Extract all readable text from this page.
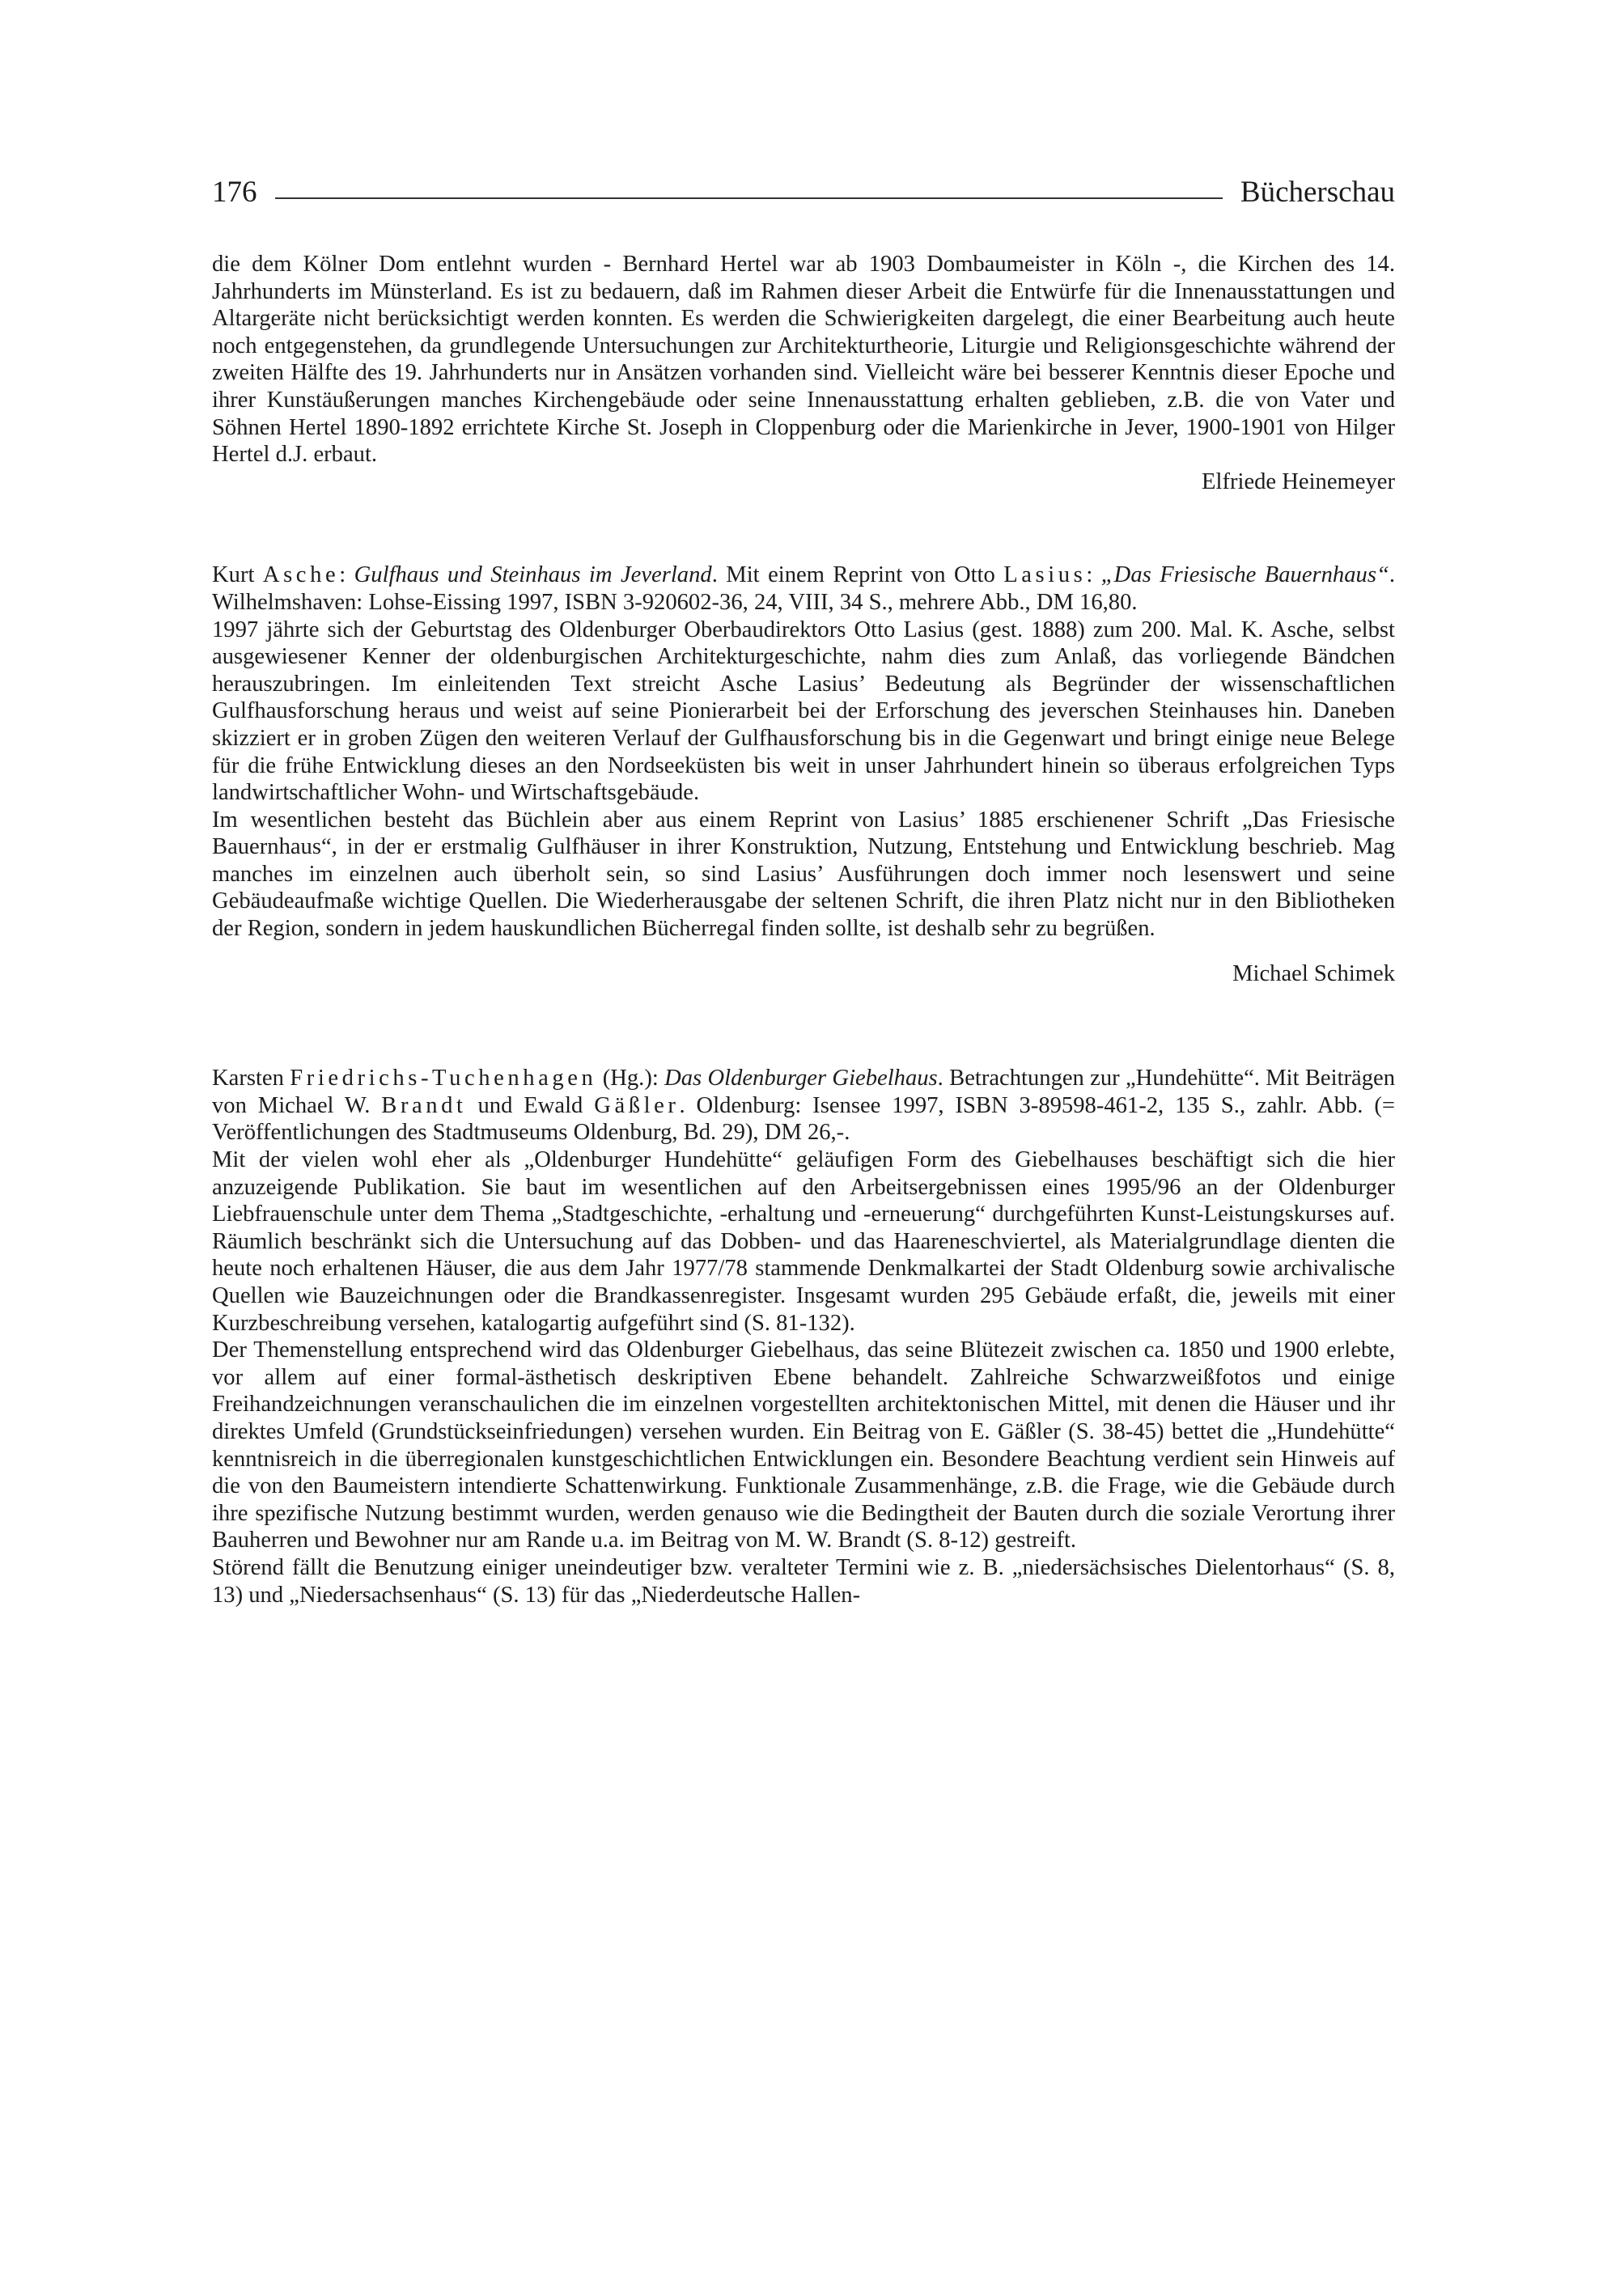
176	Bücherschau

die dem Kölner Dom entlehnt wurden - Bernhard Hertel war ab 1903 Dombaumeister in Köln -, die Kirchen des 14. Jahrhunderts im Münsterland. Es ist zu bedauern, daß im Rahmen dieser Arbeit die Entwürfe für die Innenausstattungen und Altargeräte nicht berücksichtigt werden konnten. Es werden die Schwierigkeiten dargelegt, die einer Bearbeitung auch heute noch entgegenstehen, da grundlegende Untersuchungen zur Architekturtheorie, Liturgie und Religionsgeschichte während der zweiten Hälfte des 19. Jahrhunderts nur in Ansätzen vorhanden sind. Vielleicht wäre bei besserer Kenntnis dieser Epoche und ihrer Kunstäußerungen manches Kirchengebäude oder seine Innenausstattung erhalten geblieben, z.B. die von Vater und Söhnen Hertel 1890-1892 errichtete Kirche St. Joseph in Cloppenburg oder die Marienkirche in Jever, 1900-1901 von Hilger Hertel d.J. erbaut.

Elfriede Heinemeyer

Kurt Asche: Gulfhaus und Steinhaus im Jeverland. Mit einem Reprint von Otto Lasius: „Das Friesische Bauernhaus“. Wilhelmshaven: Lohse-Eissing 1997, ISBN 3-920602-36, 24, VIII, 34 S., mehrere Abb., DM 16,80.

1997 jährte sich der Geburtstag des Oldenburger Oberbaudirektors Otto Lasius (gest. 1888) zum 200. Mal. K. Asche, selbst ausgewiesener Kenner der oldenburgischen Architekturgeschichte, nahm dies zum Anlaß, das vorliegende Bändchen herauszubringen. Im einleitenden Text streicht Asche Lasius’ Bedeutung als Begründer der wissenschaftlichen Gulfhausforschung heraus und weist auf seine Pionierarbeit bei der Erforschung des jeverschen Steinhauses hin. Daneben skizziert er in groben Zügen den weiteren Verlauf der Gulfhausforschung bis in die Gegenwart und bringt einige neue Belege für die frühe Entwicklung dieses an den Nordseeküsten bis weit in unser Jahrhundert hinein so überaus erfolgreichen Typs landwirtschaftlicher Wohn- und Wirtschaftsgebäude.

Im wesentlichen besteht das Büchlein aber aus einem Reprint von Lasius’ 1885 erschienener Schrift „Das Friesische Bauernhaus“, in der er erstmalig Gulfhäuser in ihrer Konstruktion, Nutzung, Entstehung und Entwicklung beschrieb. Mag manches im einzelnen auch überholt sein, so sind Lasius’ Ausführungen doch immer noch lesenswert und seine Gebäudeaufmaße wichtige Quellen. Die Wiederherausgabe der seltenen Schrift, die ihren Platz nicht nur in den Bibliotheken der Region, sondern in jedem hauskundlichen Bücherregal finden sollte, ist deshalb sehr zu begrüßen.

Michael Schimek

Karsten Friedrichs-Tuchenhagen (Hg.): Das Oldenburger Giebelhaus. Betrachtungen zur „Hundehütte“. Mit Beiträgen von Michael W. Brandt und Ewald Gäßler. Oldenburg: Isensee 1997, ISBN 3-89598-461-2, 135 S., zahlr. Abb. (= Veröffentlichungen des Stadtmuseums Oldenburg, Bd. 29), DM 26,-.

Mit der vielen wohl eher als „Oldenburger Hundehütte“ geläufigen Form des Giebelhauses beschäftigt sich die hier anzuzeigende Publikation. Sie baut im wesentlichen auf den Arbeitsergebnissen eines 1995/96 an der Oldenburger Liebfrauenschule unter dem Thema „Stadtgeschichte, -erhaltung und -erneuerung“ durchgeführten Kunst-Leistungskurses auf. Räumlich beschränkt sich die Untersuchung auf das Dobben- und das Haareneschviertel, als Materialgrundlage dienten die heute noch erhaltenen Häuser, die aus dem Jahr 1977/78 stammende Denkmalkartei der Stadt Oldenburg sowie archivalische Quellen wie Bauzeichnungen oder die Brandkassenregister. Insgesamt wurden 295 Gebäude erfaßt, die, jeweils mit einer Kurzbeschreibung versehen, katalogartig aufgeführt sind (S. 81-132).

Der Themenstellung entsprechend wird das Oldenburger Giebelhaus, das seine Blütezeit zwischen ca. 1850 und 1900 erlebte, vor allem auf einer formal-ästhetisch deskriptiven Ebene behandelt. Zahlreiche Schwarzweißfotos und einige Freihandzeichnungen veranschaulichen die im einzelnen vorgestellten architektonischen Mittel, mit denen die Häuser und ihr direktes Umfeld (Grundstückseinfriedungen) versehen wurden. Ein Beitrag von E. Gäßler (S. 38-45) bettet die „Hundehütte“ kenntnisreich in die überregionalen kunstgeschichtlichen Entwicklungen ein. Besondere Beachtung verdient sein Hinweis auf die von den Baumeistern intendierte Schattenwirkung. Funktionale Zusammenhänge, z.B. die Frage, wie die Gebäude durch ihre spezifische Nutzung bestimmt wurden, werden genauso wie die Bedingtheit der Bauten durch die soziale Verortung ihrer Bauherren und Bewohner nur am Rande u.a. im Beitrag von M. W. Brandt (S. 8-12) gestreift.

Störend fällt die Benutzung einiger uneindeutiger bzw. veralteter Termini wie z. B. „niedersächsisches Dielentorhaus“ (S. 8, 13) und „Niedersachsenhaus“ (S. 13) für das „Niederdeutsche Hallen-
